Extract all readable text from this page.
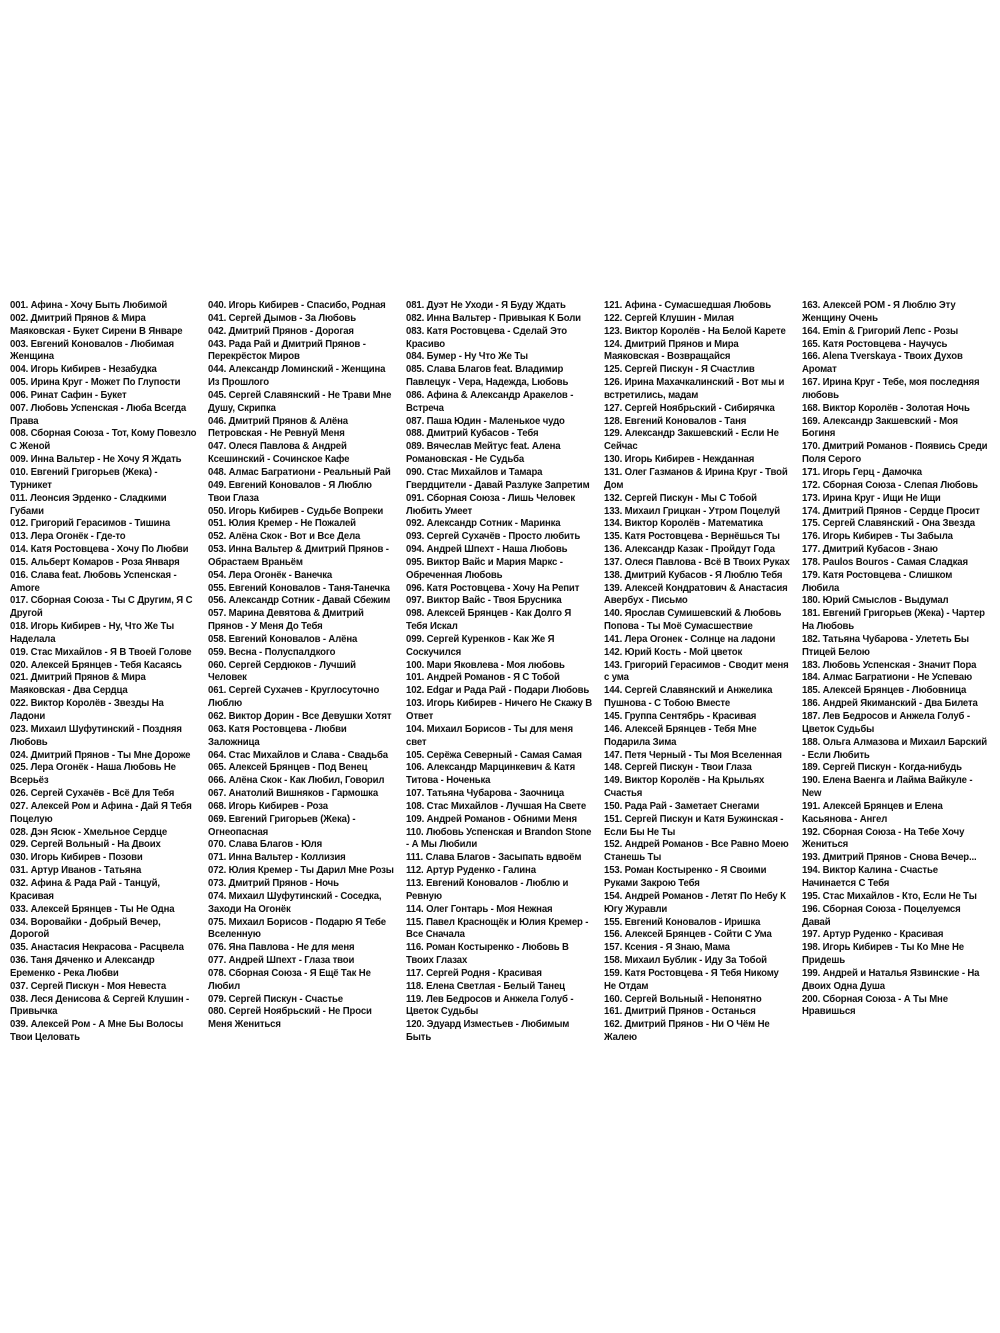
001. Афина - Хочу Быть Любимой
002. Дмитрий Прянов & Мира Маяковская - Букет Сирени В Январе
003. Евгений Коновалов - Любимая Женщина
004. Игорь Кибирев - Незабудка
005. Ирина Круг - Может По Глупости
006. Ринат Сафин - Букет
007. Любовь Успенская - Люба Всегда Права
008. Сборная Союза - Тот, Кому Повезло С Женой
009. Инна Вальтер - Не Хочу Я Ждать
010. Евгений Григорьев (Жека) - Турникет
011. Леонсия Эрденко - Сладкими Губами
012. Григорий Герасимов - Тишина
013. Лера Огонёк - Где-то
014. Катя Ростовцева - Хочу По Любви
015. Альберт Комаров - Роза Января
016. Слава feat. Любовь Успенская - Amore
017. Сборная Союза - Ты С Другим, Я С Другой
018. Игорь Кибирев - Ну, Что Же Ты Наделала
019. Стас Михайлов - Я В Твоей Голове
020. Алексей Брянцев - Тебя Касаясь
021. Дмитрий Прянов & Мира Маяковская - Два Сердца
022. Виктор Королёв - Звезды На Ладони
023. Михаил Шуфутинский - Поздняя Любовь
024. Дмитрий Прянов - Ты Мне Дороже
025. Лера Огонёк - Наша Любовь Не Всерьёз
026. Сергей Сухачёв - Всё Для Тебя
027. Алексей Ром и Афина - Дай Я Тебя Поцелую
028. Дэн Ясюк - Хмельное Сердце
029. Сергей Вольный - На Двоих
030. Игорь Кибирев - Позови
031. Артур Иванов - Татьяна
032. Афина & Рада Рай - Танцуй, Красивая
033. Алексей Брянцев - Ты Не Одна
034. Воровайки - Добрый Вечер, Дорогой
035. Анастасия Некрасова - Расцвела
036. Таня Дяченко и Александр Еременко - Река Любви
037. Сергей Пискун - Моя Невеста
038. Леся Денисова & Сергей Клушин - Привычка
039. Алексей Ром - А Мне Бы Волосы Твои Целовать
040. Игорь Кибирев - Спасибо, Родная
041. Сергей Дымов - За Любовь
042. Дмитрий Прянов - Дорогая
043. Рада Рай и Дмитрий Прянов - Перекрёсток Миров
044. Александр Ломинский - Женщина Из Прошлого
045. Сергей Славянский - Не Трави Мне Душу, Скрипка
046. Дмитрий Прянов & Алёна Петровская - Не Ревнуй Меня
047. Олеся Павлова & Андрей Ксешинский - Сочинское Кафе
048. Алмас Багратиони - Реальный Рай
049. Евгений Коновалов - Я Люблю Твои Глаза
050. Игорь Кибирев - Судьбе Вопреки
051. Юлия Кремер - Не Пожалей
052. Алёна Скок - Вот и Все Дела
053. Инна Вальтер & Дмитрий Прянов - Обрастаем Враньём
054. Лера Огонёк - Ванечка
055. Евгений Коновалов - Таня-Танечка
056. Александр Сотник - Давай Сбежим
057. Марина Девятова & Дмитрий Прянов - У Меня До Тебя
058. Евгений Коновалов - Алёна
059. Весна - Полуспалдкого
060. Сергей Сердюков - Лучший Человек
061. Сергей Сухачев - Круглосуточно Люблю
062. Виктор Дорин - Все Девушки Хотят
063. Катя Ростовцева - Любви Заложница
064. Стас Михайлов и Слава - Свадьба
065. Алексей Брянцев - Под Венец
066. Алёна Скок - Как Любил, Говорил
067. Анатолий Вишняков - Гармошка
068. Игорь Кибирев - Роза
069. Евгений Григорьев (Жека) - Огнеопасная
070. Слава Благов - Юля
071. Инна Вальтер - Коллизия
072. Юлия Кремер - Ты Дарил Мне Розы
073. Дмитрий Прянов - Ночь
074. Михаил Шуфутинский - Соседка, Заходи На Огонёк
075. Михаил Борисов - Подарю Я Тебе Вселенную
076. Яна Павлова - Не для меня
077. Андрей Шпехт - Глаза твои
078. Сборная Союза - Я Ещё Так Не Любил
079. Сергей Пискун - Счастье
080. Сергей Ноябрьский - Не Проси Меня Жениться
081. Дуэт Не Уходи - Я Буду Ждать
082. Инна Вальтер - Привыкая К Боли
083. Катя Ростовцева - Сделай Это Красиво
084. Бумер - Ну Что Же Ты
085. Слава Благов feat. Владимир Павлецук - Vера, Надежда, Lюбовь
086. Афина & Александр Аракелов - Встреча
087. Паша Юдин - Маленькое чудо
088. Дмитрий Кубасов - Тебя
089. Вячеслав Мейтус feat. Алена Романовская - Не Судьба
090. Стас Михайлов и Тамара Гвердцители - Давай Разлуке Запретим
091. Сборная Союза - Лишь Человек Любить Умеет
092. Александр Сотник - Маринка
093. Сергей Сухачёв - Просто любить
094. Андрей Шпехт - Наша Любовь
095. Виктор Вайс и Мария Маркс - Обреченная Любовь
096. Катя Ростовцева - Хочу На Репит
097. Виктор Вайс - Твоя Брусника
098. Алексей Брянцев - Как Долго Я Тебя Искал
099. Сергей Куренков - Как Же Я Соскучился
100. Мари Яковлева - Моя любовь
101. Андрей Романов - Я С Тобой
102. Edgar и Рада Рай - Подари Любовь
103. Игорь Кибирев - Ничего Не Скажу В Ответ
104. Михаил Борисов - Ты для меня свет
105. Серёжа Северный - Самая Самая
106. Александр Марцинкевич & Катя Титова - Ноченька
107. Татьяна Чубарова - Заочница
108. Стас Михайлов - Лучшая На Свете
109. Андрей Романов - Обними Меня
110. Любовь Успенская и Brandon Stone - А Мы Любили
111. Слава Благов - Засыпать вдвоём
112. Артур Руденко - Галина
113. Евгений Коновалов - Люблю и Ревную
114. Олег Гонтарь - Моя Нежная
115. Павел Краснощёк и Юлия Кремер - Все Сначала
116. Роман Костыренко - Любовь В Твоих Глазах
117. Сергей Родня - Красивая
118. Елена Светлая - Белый Танец
119. Лев Бедросов и Анжела Голуб - Цветок Судьбы
120. Эдуард Изместьев - Любимым Быть
121. Афина - Сумасшедшая Любовь
122. Сергей Клушин - Милая
123. Виктор Королёв - На Белой Карете
124. Дмитрий Прянов и Мира Маяковская - Возвращайся
125. Сергей Пискун - Я Счастлив
126. Ирина Махачкалинский - Вот мы и встретились, мадам
127. Сергей Ноябрьский - Сибирячка
128. Евгений Коновалов - Таня
129. Александр Закшевский - Если Не Сейчас
130. Игорь Кибирев - Нежданная
131. Олег Газманов & Ирина Круг - Твой Дом
132. Сергей Пискун - Мы С Тобой
133. Михаил Грицкан - Утром Поцелуй
134. Виктор Королёв - Математика
135. Катя Ростовцева - Вернёшься Ты
136. Александр Казак - Пройдут Года
137. Олеся Павлова - Всё В Твоих Руках
138. Дмитрий Кубасов - Я Люблю Тебя
139. Алексей Кондратович & Анастасия Авербух - Письмо
140. Ярослав Сумишевский & Любовь Попова - Ты Моё Сумасшествие
141. Лера Огонек - Солнце на ладони
142. Юрий Кость - Мой цветок
143. Григорий Герасимов - Сводит меня с ума
144. Сергей Славянский и Анжелика Пушнова - С Тобою Вместе
145. Группа Сентябрь - Красивая
146. Алексей Брянцев - Тебя Мне Подарила Зима
147. Петя Черный - Ты Моя Вселенная
148. Сергей Пискун - Твои Глаза
149. Виктор Королёв - На Крыльях Счастья
150. Рада Рай - Заметает Снегами
151. Сергей Пискун и Катя Бужинская - Если Бы Не Ты
152. Андрей Романов - Все Равно Моею Станешь Ты
153. Роман Костыренко - Я Своими Руками Закрою Тебя
154. Андрей Романов - Летят По Небу К Югу Журавли
155. Евгений Коновалов - Иришка
156. Алексей Брянцев - Сойти С Ума
157. Ксения - Я Знаю, Мама
158. Михаил Бублик - Иду За Тобой
159. Катя Ростовцева - Я Тебя Никому Не Отдам
160. Сергей Вольный - Непонятно
161. Дмитрий Прянов - Останься
162. Дмитрий Прянов - Ни О Чём Не Жалею
163. Алексей РОМ - Я Люблю Эту Женщину Очень
164. Emin & Григорий Лепс - Розы
165. Катя Ростовцева - Научусь
166. Alena Tverskaya - Твоих Духов Аромат
167. Ирина Круг - Тебе, моя последняя любовь
168. Виктор Королёв - Золотая Ночь
169. Александр Закшевский - Моя Богиня
170. Дмитрий Романов - Появись Среди Поля Серого
171. Игорь Герц - Дамочка
172. Сборная Союза - Слепая Любовь
173. Ирина Круг - Ищи Не Ищи
174. Дмитрий Прянов - Сердце Просит
175. Сергей Славянский - Она Звезда
176. Игорь Кибирев - Ты Забыла
177. Дмитрий Кубасов - Знаю
178. Paulos Bouros - Самая Сладкая
179. Катя Ростовцева - Слишком Любила
180. Юрий Смыслов - Выдумал
181. Евгений Григорьев (Жека) - Чартер На Любовь
182. Татьяна Чубарова - Улететь Бы Птицей Белою
183. Любовь Успенская - Значит Пора
184. Алмас Багратиони - Не Успеваю
185. Алексей Брянцев - Любовница
186. Андрей Якиманский - Два Билета
187. Лев Бедросов и Анжела Голуб - Цветок Судьбы
188. Ольга Алмазова и Михаил Барский - Если Любить
189. Сергей Пискун - Когда-нибудь
190. Елена Ваенга и Лайма Вайкуле - New
191. Алексей Брянцев и Елена Касьянова - Ангел
192. Сборная Союза - На Тебе Хочу Жениться
193. Дмитрий Прянов - Снова Вечер...
194. Виктор Калина - Счастье Начинается С Тебя
195. Стас Михайлов - Кто, Если Не Ты
196. Сборная Союза - Поцелуемся Давай
197. Артур Руденко - Красивая
198. Игорь Кибирев - Ты Ко Мне Не Придешь
199. Андрей и Наталья Язвинские - На Двоих Одна Душа
200. Сборная Союза - А Ты Мне Нравишься
